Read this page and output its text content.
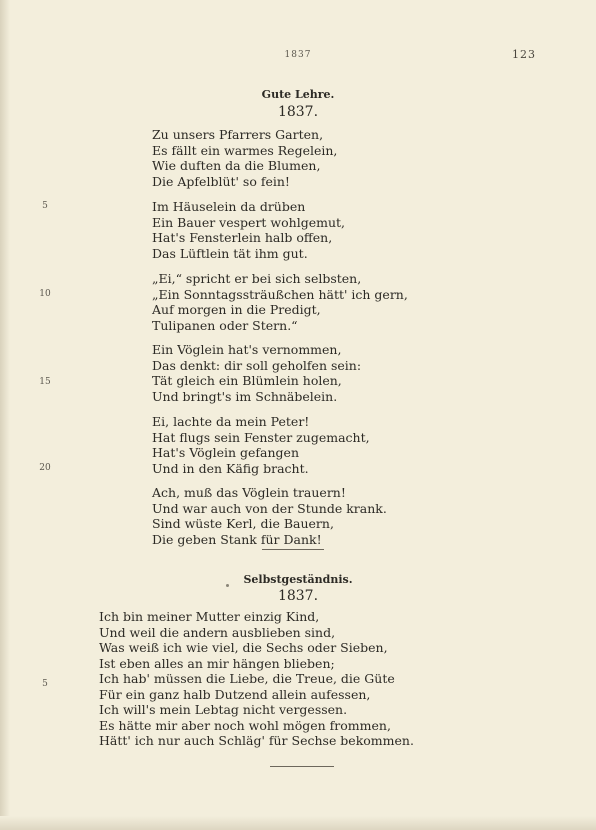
1837	123
Gute Lehre.
1837.
Zu unsers Pfarrers Garten,
Es fällt ein warmes Regelein,
Wie duften da die Blumen,
Die Apfelblüt' so fein!
Im Häuselein da drüben
Ein Bauer vespert wohlgemut,
Hat's Fensterlein halb offen,
Das Lüftlein tät ihm gut.
„Ei,“ spricht er bei sich selbsten,
„Ein Sonntagssträußchen hätt' ich gern,
Auf morgen in die Predigt,
Tulipanen oder Stern.“
Ein Vöglein hat's vernommen,
Das denkt: dir soll geholfen sein:
Tät gleich ein Blümlein holen,
Und bringt's im Schnäbelein.
Ei, lachte da mein Peter!
Hat flugs sein Fenster zugemacht,
Hat's Vöglein gefangen
Und in den Käfig bracht.
Ach, muß das Vöglein trauern!
Und war auch von der Stunde krank.
Sind wüste Kerl, die Bauern,
Die geben Stank für Dank!
5
10
15
20
Selbstgeständnis.
1837.
Ich bin meiner Mutter einzig Kind,
Und weil die andern ausblieben sind,
Was weiß ich wie viel, die Sechs oder Sieben,
Ist eben alles an mir hängen blieben;
Ich hab' müssen die Liebe, die Treue, die Güte
Für ein ganz halb Dutzend allein aufessen,
Ich will's mein Lebtag nicht vergessen.
Es hätte mir aber noch wohl mögen frommen,
Hätt' ich nur auch Schläg' für Sechse bekommen.
5
